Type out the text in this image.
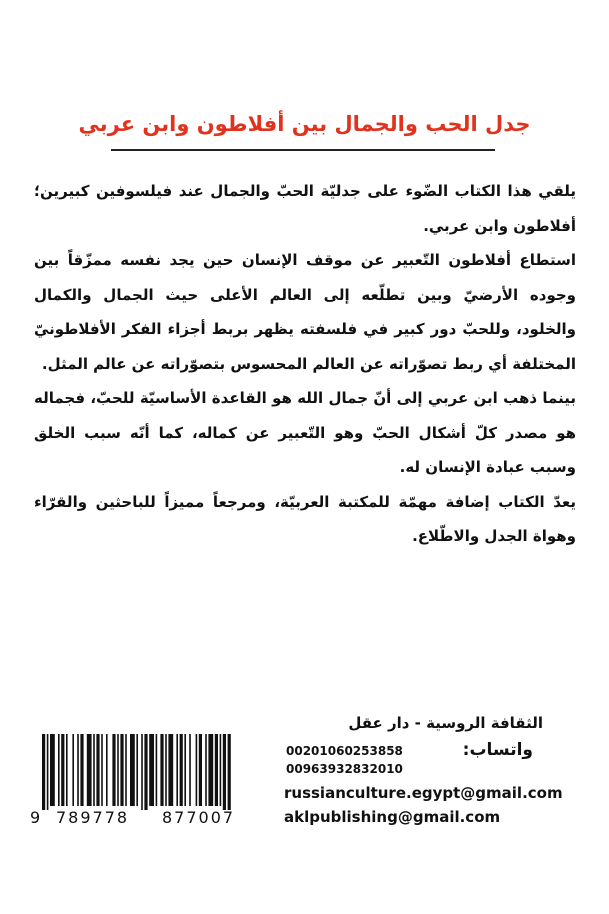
جدل الحب والجمال بين أفلاطون وابن عربي

يلقي هذا الكتاب الضّوء على جدليّة الحبّ والجمال عند فيلسوفين كبيرين؛ أفلاطون وابن عربي.

استطاع أفلاطون التّعبير عن موقف الإنسان حين يجد نفسه ممزّقاً بين وجوده الأرضيّ وبين تطلّعه إلى العالم الأعلى حيث الجمال والكمال والخلود، وللحبّ دور كبير في فلسفته يظهر بربط أجزاء الفكر الأفلاطونيّ المختلفة أي ربط تصوّراته عن العالم المحسوس بتصوّراته عن عالم المثل.

بينما ذهب ابن عربي إلى أنّ جمال الله هو القاعدة الأساسيّة للحبّ، فجماله هو مصدر كلّ أشكال الحبّ وهو التّعبير عن كماله، كما أنّه سبب الخلق وسبب عبادة الإنسان له.

يعدّ الكتاب إضافة مهمّة للمكتبة العربيّة، ومرجعاً مميزاً للباحثين والقرّاء وهواة الجدل والاطّلاع.

9 789778 877007
الثقافة الروسية - دار عقل
واتساب:
00201060253858
00963932832010
russianculture.egypt@gmail.com
aklpublishing@gmail.com
